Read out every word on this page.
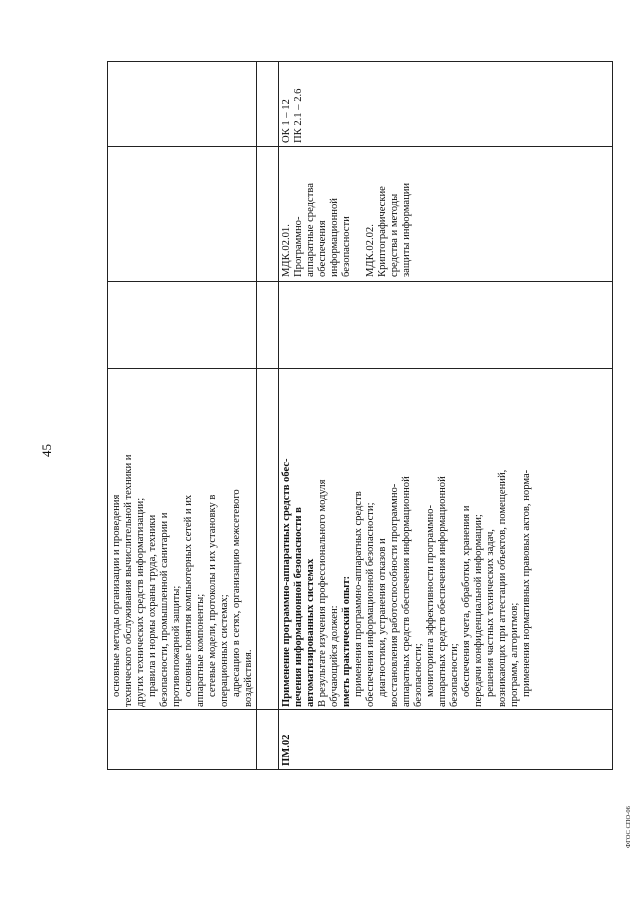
45
основные методы организации и проведения технического обслуживания вычислительной техники и других технических средств информатизации; правила и нормы охраны труда, техники безопасности, промышленной санитарии и противопожарной защиты; основные понятия компьютерных сетей и их аппаратные компоненты; сетевые модели, протоколы и их установку в операционных системах; адресацию в сетях, организацию межсетевого воздействия.
ПМ.02
Применение программно-аппаратных средств обес- печения информационной безопасности в автоматизированных системах В результате изучения профессионального модуля обучающийся должен: иметь практический опыт: применения программно-аппаратных средств обеспечения информационной безопасности; диагностики, устранения отказов и восстановления работоспособности программно- аппаратных средств обеспечения информационной безопасности; мониторинга эффективности программно- аппаратных средств обеспечения информационной безопасности; обеспечения учета, обработки, хранения и передачи конфиденциальной информации; решения частных технических задач, возникающих при аттестации объектов, помещений, программ, алгоритмов; применения нормативных правовых актов, норма-
МДК.02.01. Программно- аппаратные средства обеспечения информационной безопасности МДК.02.02. Криптографические средства и методы защиты информации
ОК 1 – 12 ПК 2.1 – 2.6
ФГОС СПО-06
